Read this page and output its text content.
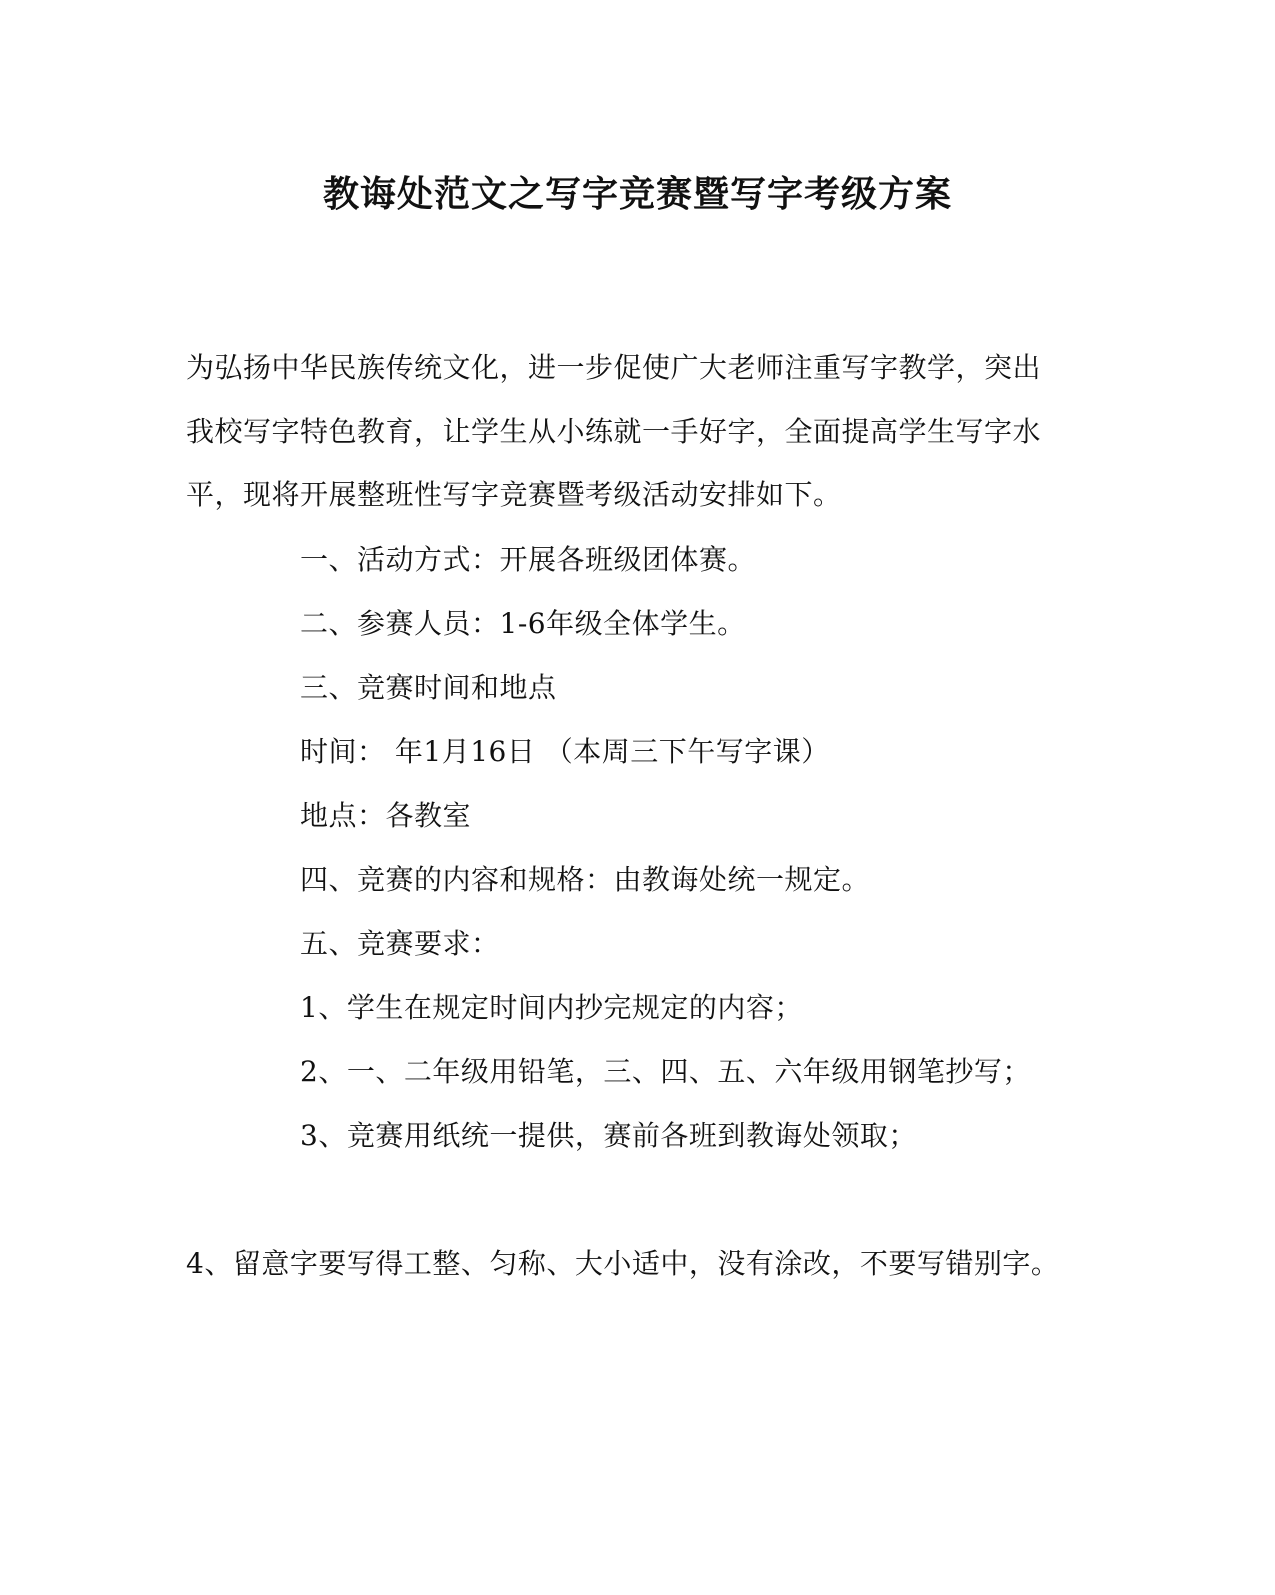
教诲处范文之写字竞赛暨写字考级方案
为弘扬中华民族传统文化，进一步促使广大老师注重写字教学，突出
我校写字特色教育，让学生从小练就一手好字，全面提高学生写字水
平，现将开展整班性写字竞赛暨考级活动安排如下。
一、活动方式：开展各班级团体赛。
二、参赛人员：1-6年级全体学生。
三、竞赛时间和地点
时间： 年1月16日 （本周三下午写字课）
地点：各教室
四、竞赛的内容和规格：由教诲处统一规定。
五、竞赛要求：
1、学生在规定时间内抄完规定的内容；
2、一、二年级用铅笔，三、四、五、六年级用钢笔抄写；
3、竞赛用纸统一提供，赛前各班到教诲处领取；
4、留意字要写得工整、匀称、大小适中，没有涂改，不要写错别字。
